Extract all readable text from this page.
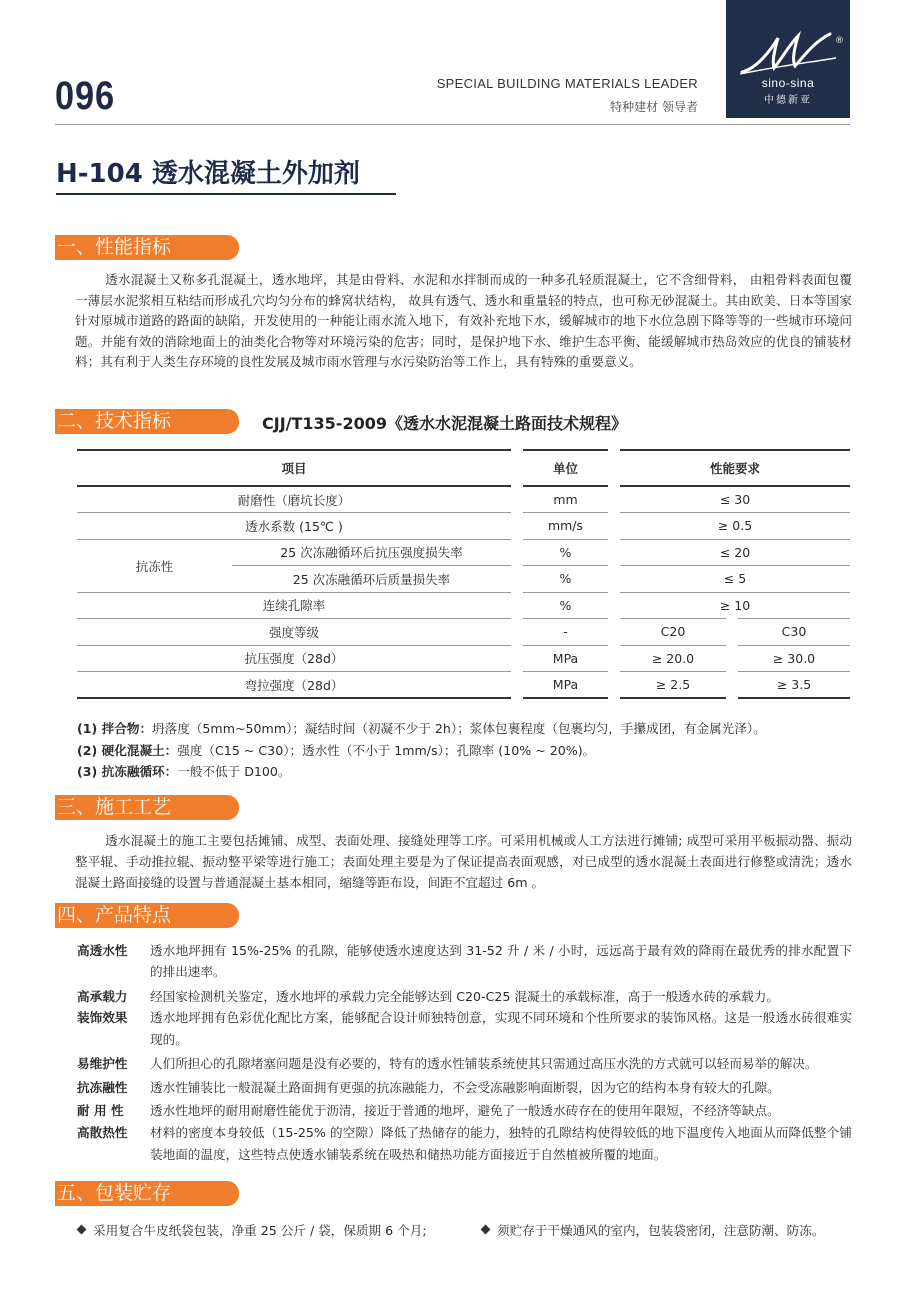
096	SPECIAL BUILDING MATERIALS LEADER
特种建材 领导者
®
sino-sina
中德新亚
H-104 透水混凝土外加剂
一、性能指标

透水混凝土又称多孔混凝土，透水地坪，其是由骨料、水泥和水拌制而成的一种多孔轻质混凝土，它不含细骨料， 由粗骨料表面包覆一薄层水泥浆相互粘结而形成孔穴均匀分布的蜂窝状结构， 故具有透气、透水和重量轻的特点，也可称无砂混凝土。其由欧美、日本等国家针对原城市道路的路面的缺陷，开发使用的一种能让雨水流入地下，有效补充地下水，缓解城市的地下水位急剧下降等等的一些城市环境问题。并能有效的消除地面上的油类化合物等对环境污染的危害；同时，是保护地下水、维护生态平衡、能缓解城市热岛效应的优良的铺装材料；其有利于人类生存环境的良性发展及城市雨水管理与水污染防治等工作上，具有特殊的重要意义。

二、技术指标	CJJ/T135-2009《透水水泥混凝土路面技术规程》
项目		单位	性能要求	
耐磨性（磨坑长度）		mm	≤ 30	
透水系数 (15℃ )		mm/s	≥ 0.5	
抗冻性	25 次冻融循环后抗压强度损失率	%	≤ 20	
	25 次冻融循环后质量损失率	%	≤ 5	
连续孔隙率		%	≥ 10	
强度等级		-	C20	C30
抗压强度（28d）		MPa	≥ 20.0	≥ 30.0
弯拉强度（28d）		MPa	≥ 2.5	≥ 3.5
(1) 拌合物：坍落度（5mm~50mm）；凝结时间（初凝不少于 2h）；浆体包裹程度（包裹均匀，手攥成团，有金属光泽）。
(2) 硬化混凝土：强度（C15 ~ C30）；透水性（不小于 1mm/s）；孔隙率 (10% ~ 20%)。
(3) 抗冻融循环：一般不低于 D100。
三、施工工艺

透水混凝土的施工主要包括摊铺、成型、表面处理、接缝处理等工序。可采用机械或人工方法进行摊铺; 成型可采用平板振动器、振动整平辊、手动推拉辊、振动整平梁等进行施工；表面处理主要是为了保证提高表面观感，对已成型的透水混凝土表面进行修整或清洗；透水混凝土路面接缝的设置与普通混凝土基本相同，缩缝等距布设，间距不宜超过 6m 。

四、产品特点
高透水性	透水地坪拥有 15%-25% 的孔隙，能够使透水速度达到 31-52 升 / 米 / 小时，远远高于最有效的降雨在最优秀的排水配置下的排出速率。
高承载力	经国家检测机关鉴定，透水地坪的承载力完全能够达到 C20-C25 混凝土的承载标准，高于一般透水砖的承载力。
装饰效果	透水地坪拥有色彩优化配比方案，能够配合设计师独特创意，实现不同环境和个性所要求的装饰风格。这是一般透水砖很难实现的。
易维护性	人们所担心的孔隙堵塞问题是没有必要的，特有的透水性铺装系统使其只需通过高压水洗的方式就可以轻而易举的解决。
抗冻融性	透水性铺装比一般混凝土路面拥有更强的抗冻融能力，不会受冻融影响面断裂，因为它的结构本身有较大的孔隙。
耐 用 性	透水性地坪的耐用耐磨性能优于沥清，接近于普通的地坪，避免了一般透水砖存在的使用年限短，不经济等缺点。
高散热性	材料的密度本身较低（15-25% 的空隙）降低了热储存的能力，独特的孔隙结构使得较低的地下温度传入地面从而降低整个铺装地面的温度，这些特点使透水铺装系统在吸热和储热功能方面接近于自然植被所覆的地面。
五、包装贮存
采用复合牛皮纸袋包装，净重 25 公斤 / 袋，保质期 6 个月;	须贮存于干燥通风的室内，包装袋密闭，注意防潮、防冻。
